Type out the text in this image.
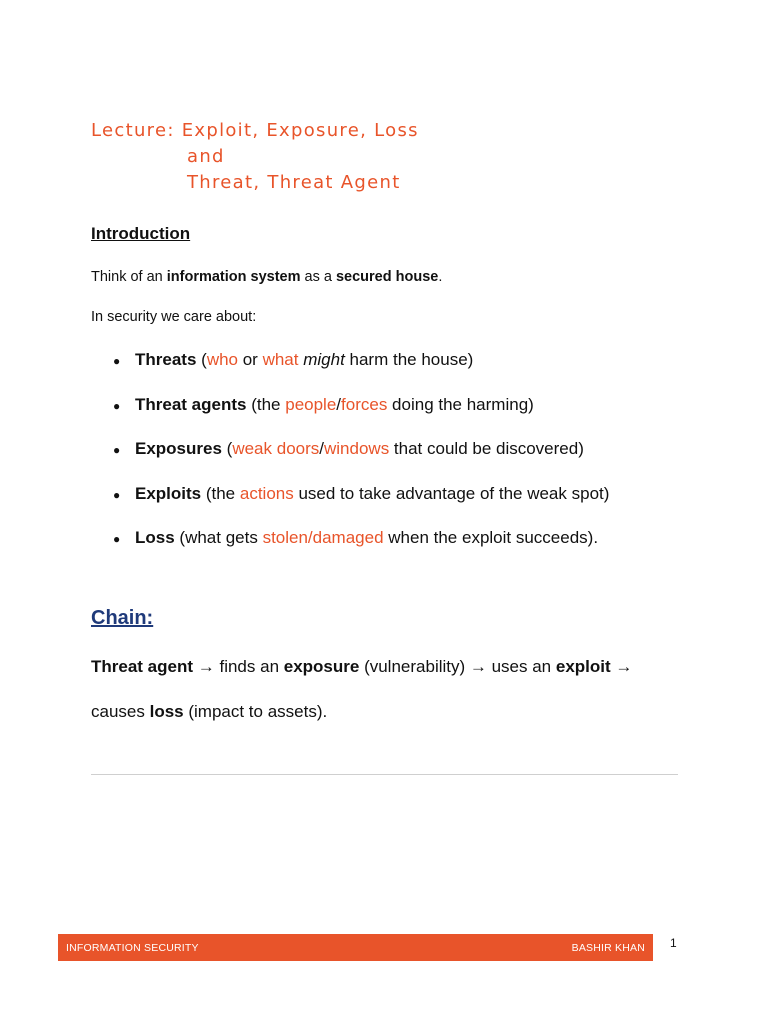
Lecture: Exploit, Exposure, Loss
and
Threat, Threat Agent
Introduction

Think of an information system as a secured house.

In security we care about:

● Threats (who or what might harm the house)
● Threat agents (the people/forces doing the harming)
● Exposures (weak doors/windows that could be discovered)
● Exploits (the actions used to take advantage of the weak spot)
● Loss (what gets stolen/damaged when the exploit succeeds).
Chain:

Threat agent → finds an exposure (vulnerability) → uses an exploit →

causes loss (impact to assets).

INFORMATION SECURITY	BASHIR KHAN 1
